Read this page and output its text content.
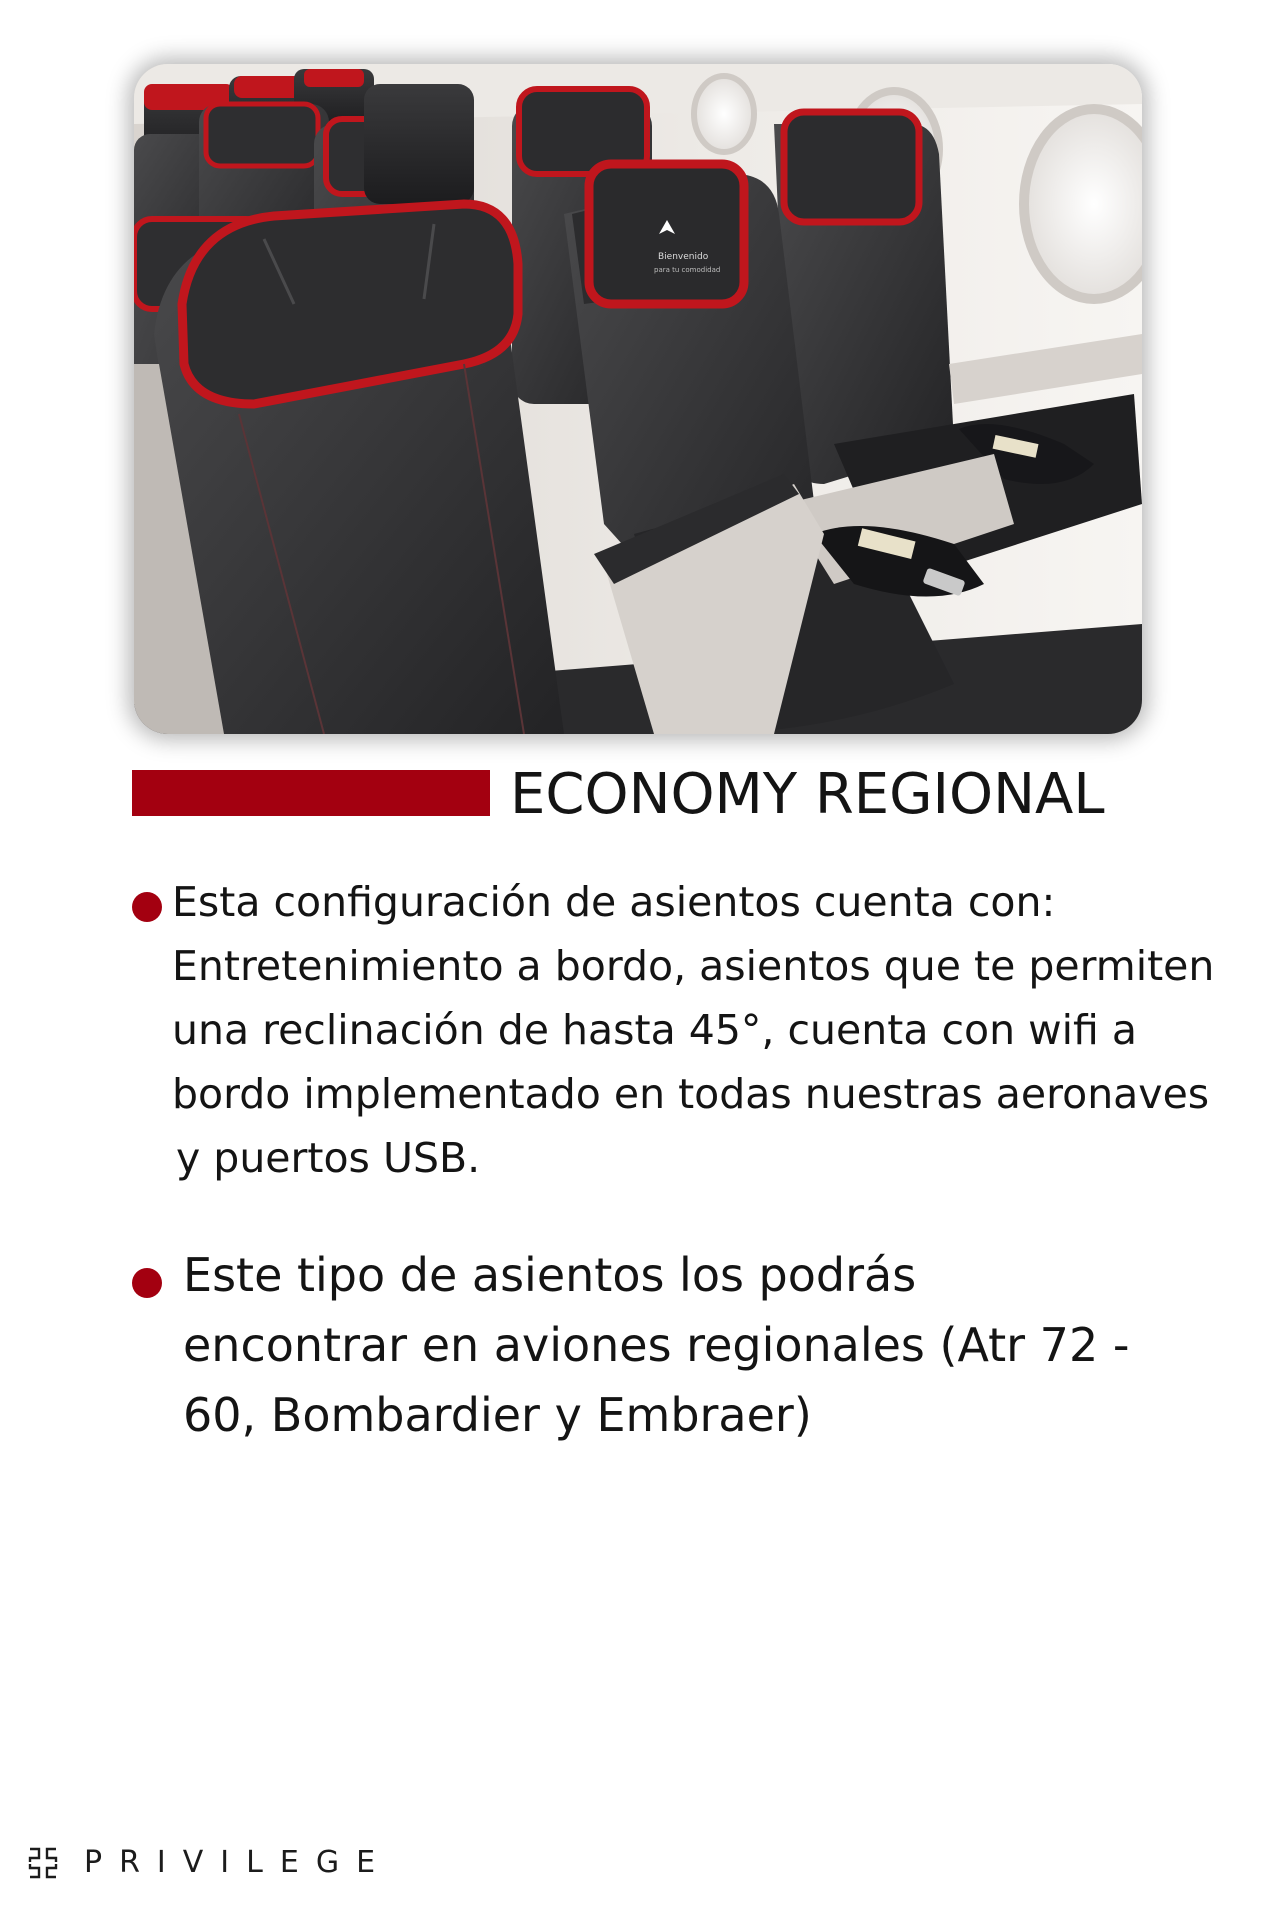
Bienvenido
para tu comodidad
ECONOMY REGIONAL
Esta configuración de asientos cuenta con:
Entretenimiento a bordo, asientos que te permiten
una reclinación de hasta 45°, cuenta con wifi a
bordo implementado en todas nuestras aeronaves
y puertos USB.
Este tipo de asientos los podrás
encontrar en aviones regionales (Atr 72 -
60, Bombardier y Embraer)
PRIVILEGE
